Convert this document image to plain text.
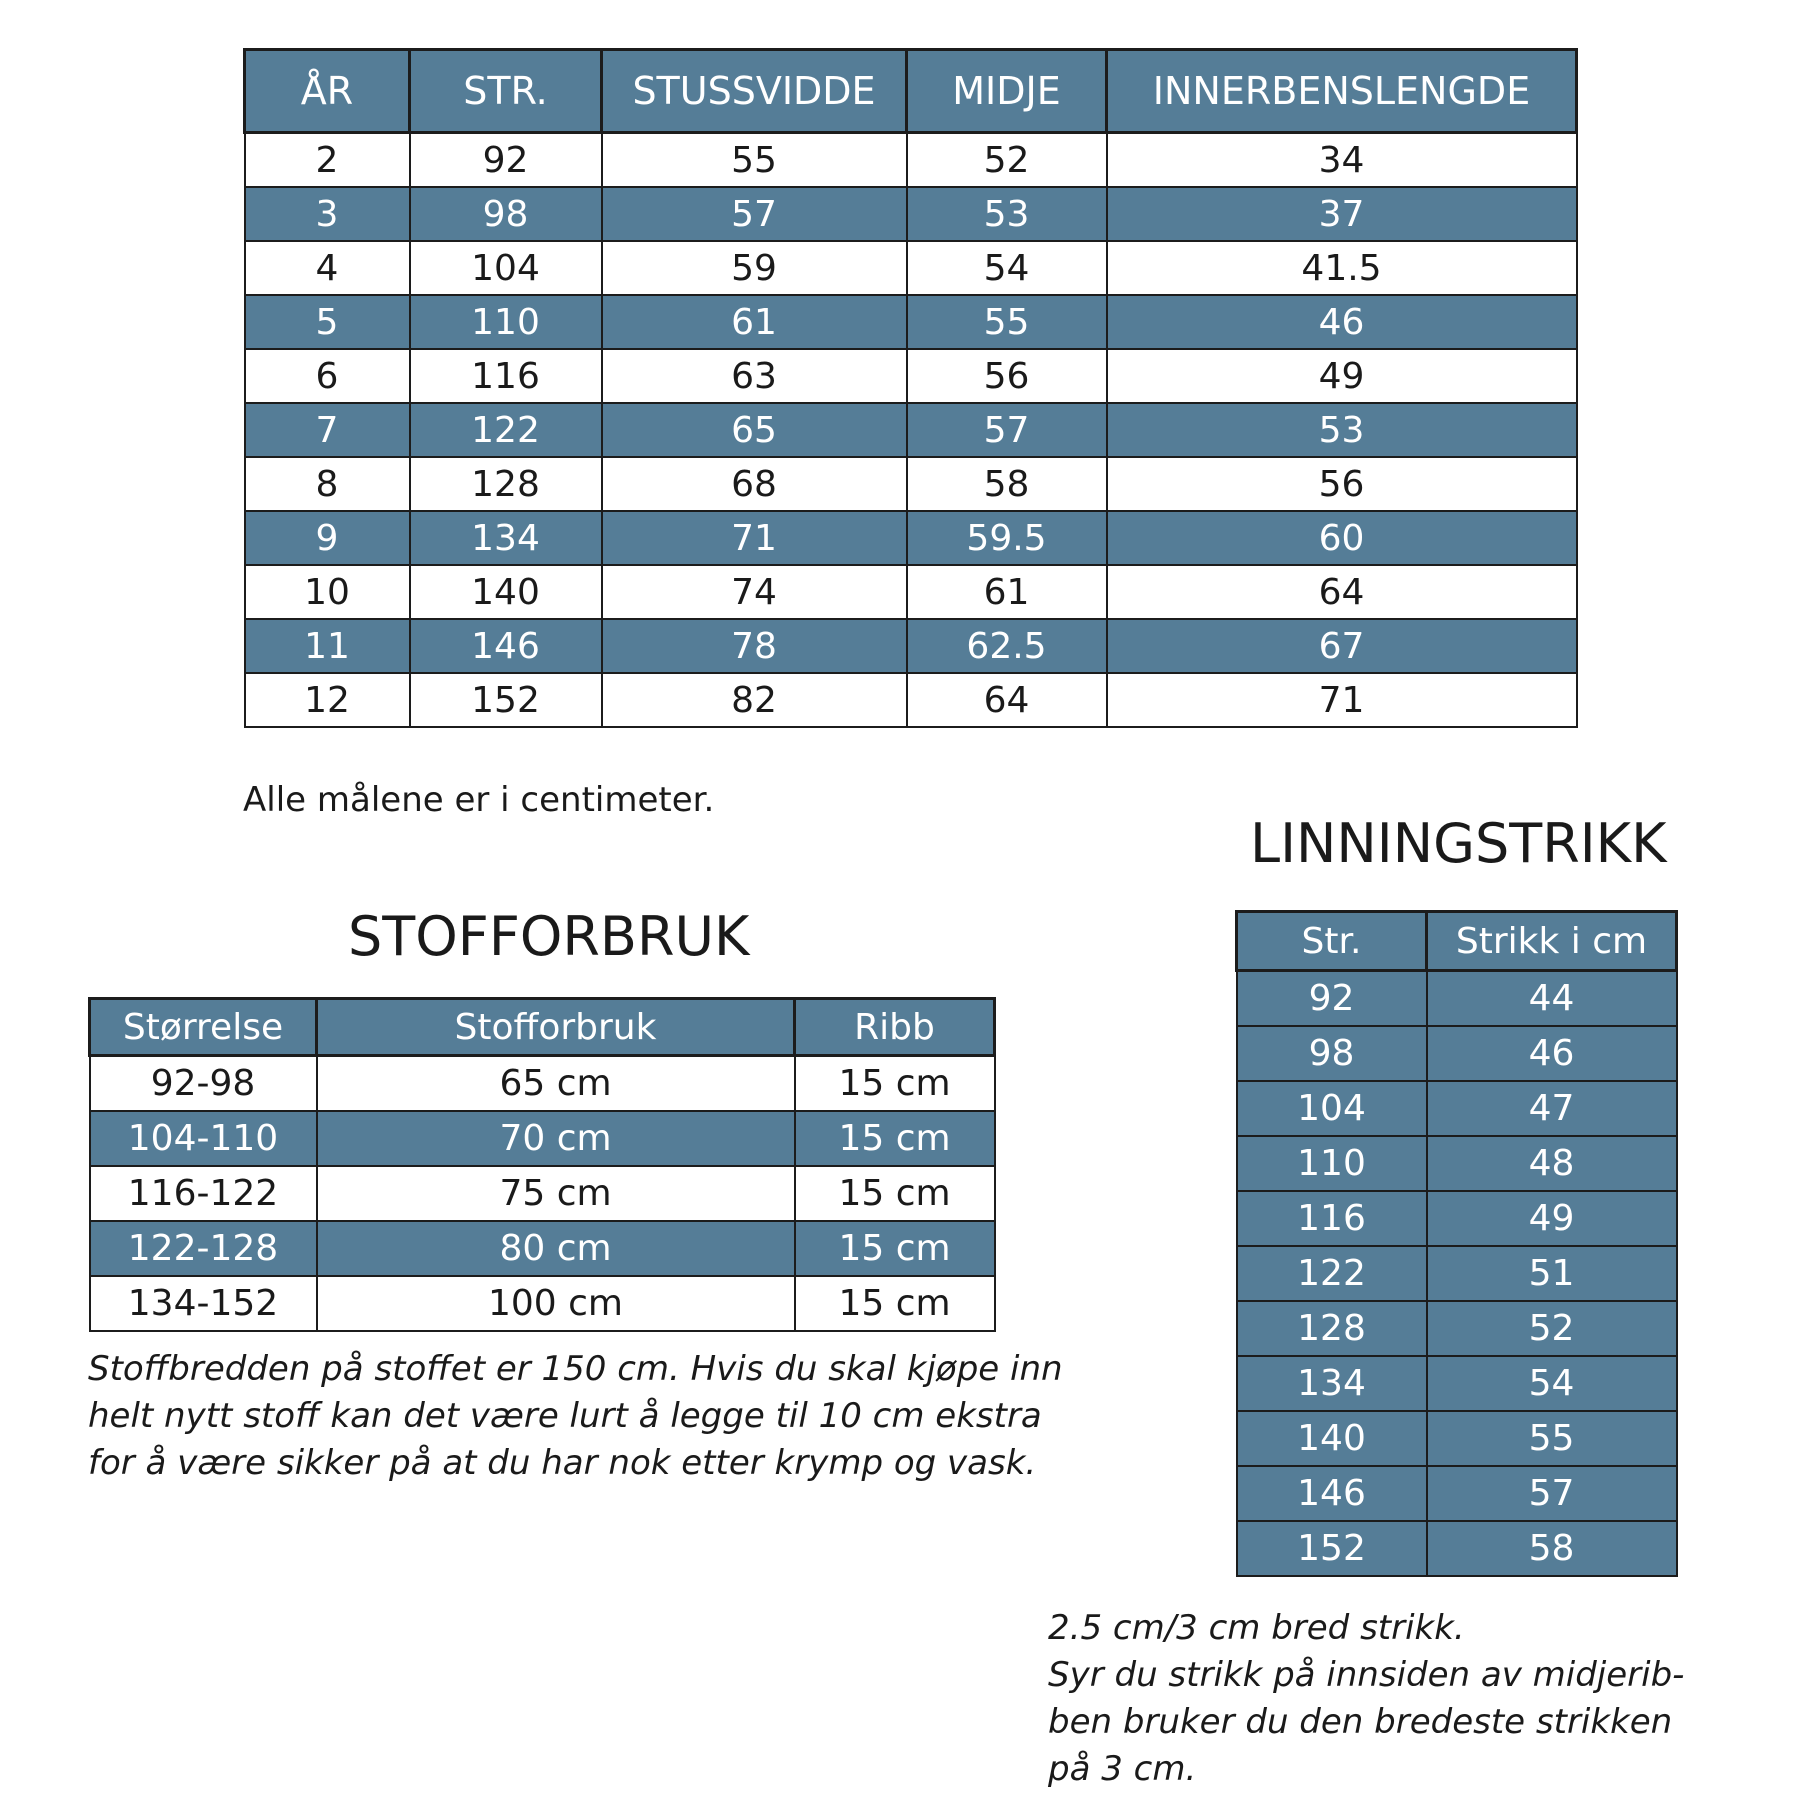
ÅR	STR.	STUSSVIDDE	MIDJE	INNERBENSLENGDE
2	92	55	52	34
3	98	57	53	37
4	104	59	54	41.5
5	110	61	55	46
6	116	63	56	49
7	122	65	57	53
8	128	68	58	56
9	134	71	59.5	60
10	140	74	61	64
11	146	78	62.5	67
12	152	82	64	71
Alle målene er i centimeter.
STOFFORBRUK
Størrelse	Stofforbruk	Ribb
92-98	65 cm	15 cm
104-110	70 cm	15 cm
116-122	75 cm	15 cm
122-128	80 cm	15 cm
134-152	100 cm	15 cm
Stoffbredden på stoffet er 150 cm. Hvis du skal kjøpe inn
helt nytt stoff kan det være lurt å legge til 10 cm ekstra
for å være sikker på at du har nok etter krymp og vask.
LINNINGSTRIKK
Str.	Strikk i cm
92	44
98	46
104	47
110	48
116	49
122	51
128	52
134	54
140	55
146	57
152	58
2.5 cm/3 cm bred strikk.
Syr du strikk på innsiden av midjerib-
ben bruker du den bredeste strikken
på 3 cm.
